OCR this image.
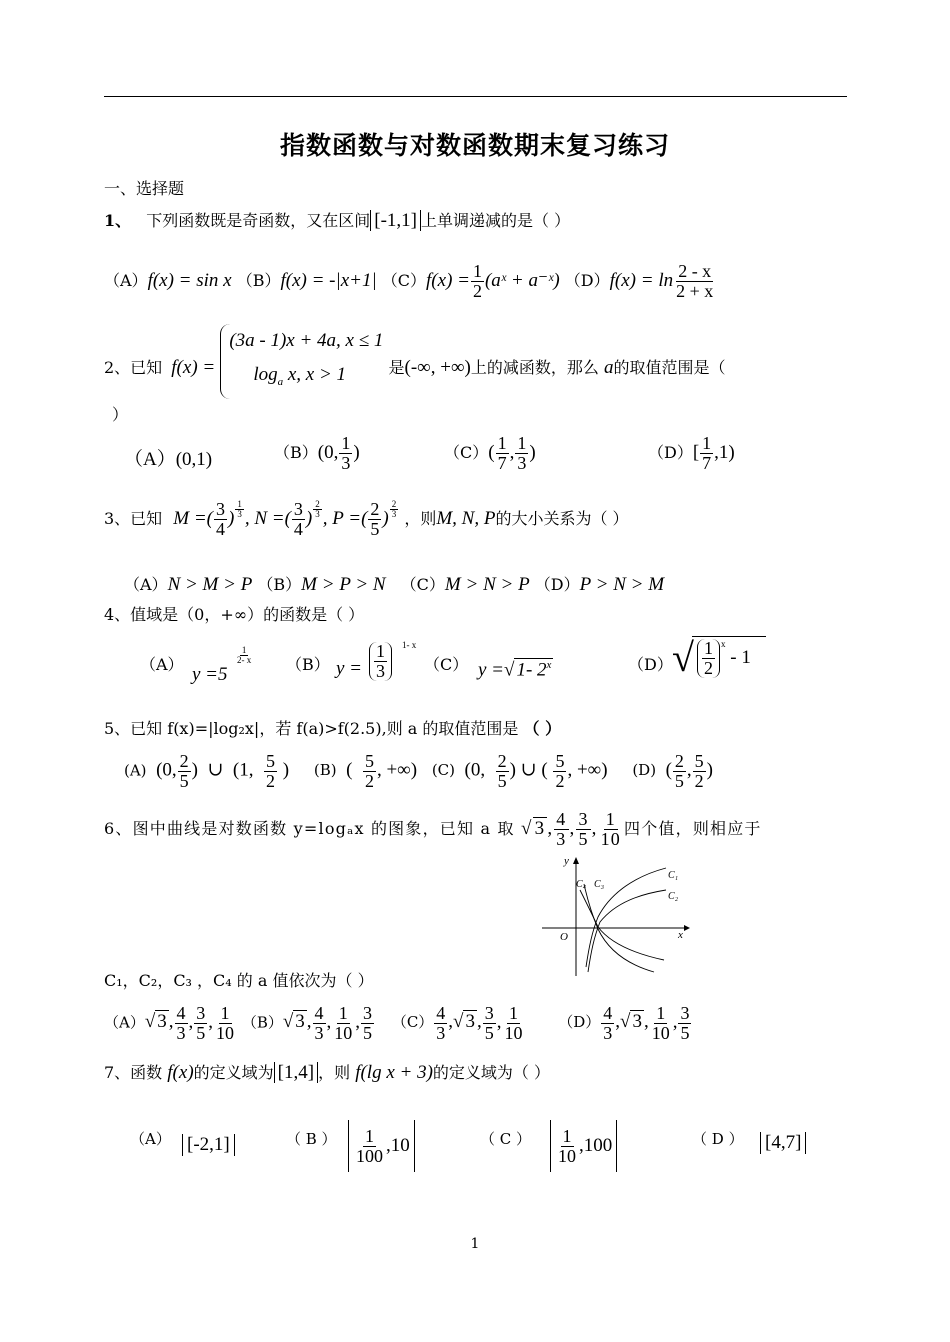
指数函数与对数函数期末复习练习
一、选择题
1、 下列函数既是奇函数，又在区间 [-1,1] 上单调递减的是（ ）
（A）f(x) = sin x （B）f(x) = -|x+1| $(C)f(x) = \frac{1}{2}$ (aˣ + a⁻ˣ) $(D)f(x) = \ln \frac{2 - x}{2 + x}$
2、已知 f(x) =
(3a - 1)x + 4a, x ≤ 1
$\log_a x$, x > 1	是(-∞, +∞)上的减函数，那么 a的取值范围是（
）
（A）(0,1)	（B）(0, $\frac{1}{3}$ )	$(C)( \frac{1}{7}$ , $\frac{1}{3}$ )	$(D)[ \frac{1}{7} ,1)$
3、已知 M =( $\frac{3}{4}$ ) $^{\frac{1}{3}}$ , N =( $\frac{3}{4}$ ) $^{\frac{2}{3}}$ , P =( $\frac{2}{5}$ ) $^{\frac{2}{3}}$ ，则M, N, P的大小关系为（ ）
（A）N > M > P （B）M > P > N （C）M > N > P （D）P > N > M
4、值域是（0，+∞）的函数是（ ）
（A） y =5
$\frac{1}{2- x} (B) y = \frac{1}{3} 1-$ x
（C） y =√ 1- 2$^x$	（D） √ $\frac{1}{2} ^x - 1$
5、已知 f(x)=|log₂x|，若 f(a)>f(2.5),则 a 的取值范围是 （ ）
(A)  (0, $\frac{2}{5}$ )  ∪  (1, $\frac{5}{2}$ ) (B)  ( $\frac{5}{2}$ , +∞) (C)  (0, $\frac{2}{5}$ ) ∪ ( $\frac{5}{2}$ , +∞) (D)  ( $\frac{2}{5}$ , $\frac{5}{2}$ )
6、图中曲线是对数函数 y=logₐx 的图象，已知 a 取 √ 3 , $\frac{4}{3}$ , $\frac{3}{5}$ , $\frac{1}{10}$ 四个值，则相应于
y
x
O
C₁
C₂
C₃
C₄
C₁，C₂，C₃ ，C₄ 的 a 值依次为（ ）
（A）√ 3 , $\frac{4}{3}$ , $\frac{3}{5}$ , $\frac{1}{10} (B)√$ 3 , $\frac{4}{3}$ , $\frac{1}{10}$ , $\frac{3}{5} (C) \frac{4}{3}$ ,√ 3 , $\frac{3}{5}$ , $\frac{1}{10} (D) \frac{4}{3}$ ,√ 3 , $\frac{1}{10}$ , $\frac{3}{5}$
7、函数 f(x)的定义域为 [1,4] ，则 f(lg x + 3)的定义域为（ ）
（A） [-2,1]	（ B ） $\frac{1}{100} ,10$	（ C ） $\frac{1}{10} ,100$	（ D ） [4,7]
1
